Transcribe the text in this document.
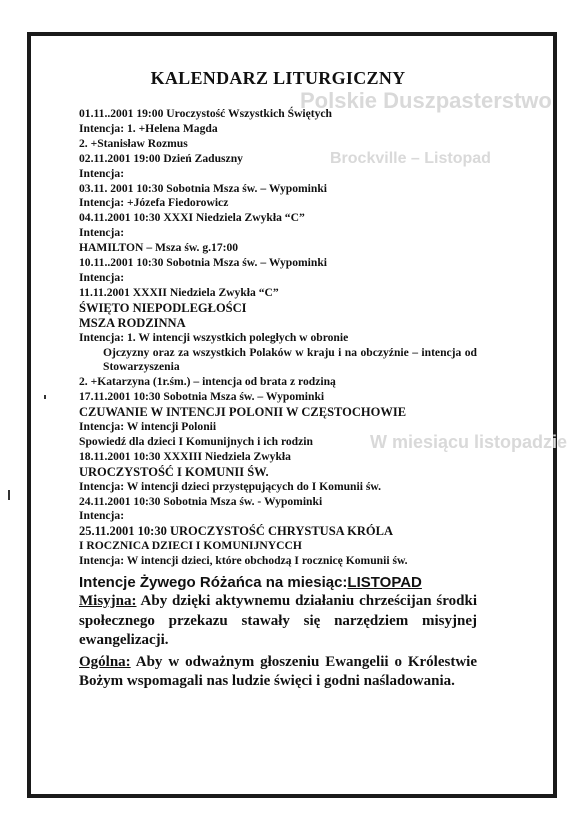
Polskie Duszpasterstwo
Brockville – Listopad
W miesiącu listopadzie
KALENDARZ LITURGICZNY
01.11..2001 19:00 Uroczystość Wszystkich Świętych
Intencja: 1. +Helena Magda
2. +Stanisław Rozmus
02.11.2001 19:00 Dzień Zaduszny
Intencja:
03.11. 2001 10:30 Sobotnia Msza św. – Wypominki
Intencja: +Józefa Fiedorowicz
04.11.2001 10:30 XXXI Niedziela Zwykła “C”
Intencja:
HAMILTON – Msza św. g.17:00
10.11..2001 10:30 Sobotnia Msza św. – Wypominki
Intencja:
11.11.2001 XXXII Niedziela Zwykła “C”
ŚWIĘTO NIEPODLEGŁOŚCI
MSZA RODZINNA
Intencja: 1. W intencji wszystkich poległych w obronie
Ojczyzny oraz za wszystkich Polaków w kraju i na obczyźnie – intencja od Stowarzyszenia
2. +Katarzyna (1r.śm.) – intencja od brata z rodziną
17.11.2001 10:30 Sobotnia Msza św. – Wypominki
CZUWANIE W INTENCJI POLONII W CZĘSTOCHOWIE
Intencja: W intencji Polonii
Spowiedź dla dzieci I Komunijnych i ich rodzin
18.11.2001 10:30 XXXIII Niedziela Zwykła
UROCZYSTOŚĆ I KOMUNII ŚW.
Intencja: W intencji dzieci przystępujących do I Komunii św.
24.11.2001 10:30 Sobotnia Msza św. - Wypominki
Intencja:
25.11.2001 10:30 UROCZYSTOŚĆ CHRYSTUSA KRÓLA
I ROCZNICA DZIECI I KOMUNIJNYCCH
Intencja: W intencji dzieci, które obchodzą I rocznicę Komunii św.
Intencje Żywego Różańca na miesiąc:LISTOPAD
Misyjna: Aby dzięki aktywnemu działaniu chrześcijan środki społecznego przekazu stawały się narzędziem misyjnej ewangelizacji.
Ogólna: Aby w odważnym głoszeniu Ewangelii o Królestwie Bożym wspomagali nas ludzie święci i godni naśladowania.
